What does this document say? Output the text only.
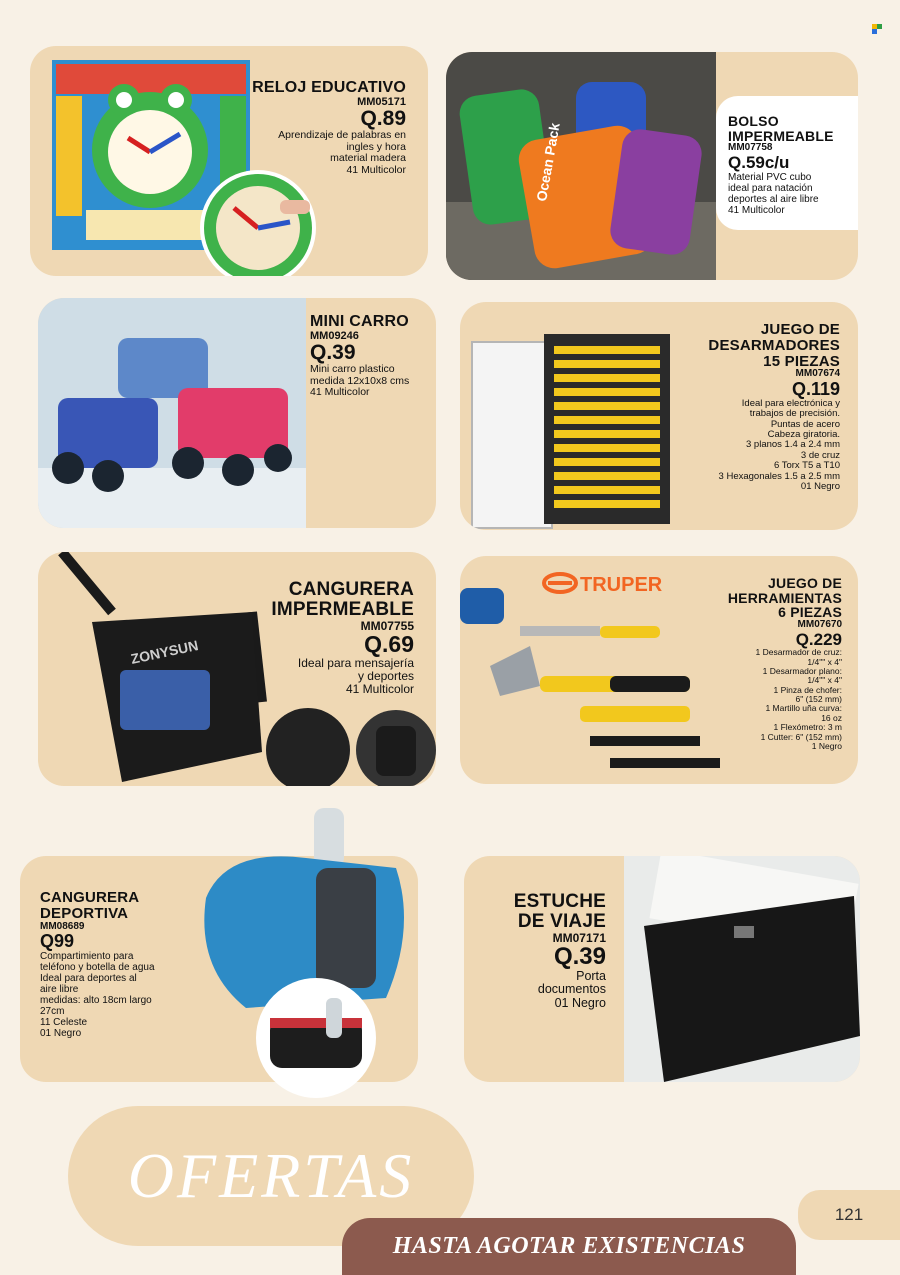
RELOJ EDUCATIVO
MM05171
Q.89
Aprendizaje de palabras en
ingles y hora
material madera
41 Multicolor	Ocean Pack
BOLSO
IMPERMEABLE
MM07758
Q.59c/u
Material PVC cubo
ideal para natación
deportes al aire libre
41 Multicolor
MINI CARRO
MM09246
Q.39
Mini carro plastico
medida 12x10x8 cms
41 Multicolor
JUEGO DE
DESARMADORES
15 PIEZAS
MM07674
Q.119
Ideal para electrónica y
trabajos de precisión.
Puntas de acero
Cabeza giratoria.
3 planos 1.4 a 2.4 mm
3 de cruz
6 Torx T5 a T10
3 Hexagonales 1.5 a 2.5 mm
01 Negro
ZONYSUN
CANGURERA
IMPERMEABLE
MM07755
Q.69
Ideal para mensajería
y deportes
41 Multicolor
TRUPER	JUEGO DE
HERRAMIENTAS
6 PIEZAS
MM07670
Q.229
1 Desarmador de cruz:
1/4"" x 4"
1 Desarmador plano:
1/4"" x 4"
1 Pinza de chofer:
6" (152 mm)
1 Martillo uña curva:
16 oz
1 Flexómetro: 3 m
1 Cutter: 6" (152 mm)
1 Negro
CANGURERA
DEPORTIVA
MM08689
Q99
Compartimiento para
teléfono y botella de agua
Ideal para deportes al
aire libre
medidas: alto 18cm largo
27cm
11 Celeste
01 Negro
ESTUCHE
DE VIAJE
MM07171
Q.39
Porta
documentos
01 Negro
OFERTAS
121
HASTA AGOTAR EXISTENCIAS
